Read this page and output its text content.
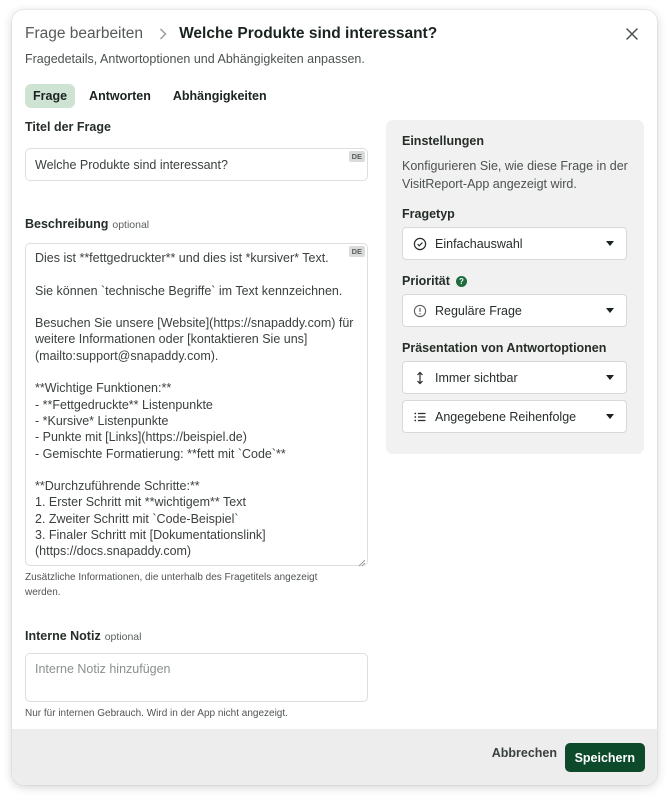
Frage bearbeiten Welche Produkte sind interessant?
Fragedetails, Antwortoptionen und Abhängigkeiten anpassen.
Frage	Antworten	Abhängigkeiten
Titel der Frage
Welche Produkte sind interessant?
DE
Beschreibung optional
Dies ist **fettgedruckter** und dies ist *kursiver* Text.

Sie können `technische Begriffe` im Text kennzeichnen.

Besuchen Sie unsere [Website](https://snapaddy.com) für weitere Informationen oder [kontaktieren Sie uns](mailto:support@snapaddy.com).

**Wichtige Funktionen:**
- **Fettgedruckte** Listenpunkte
- *Kursive* Listenpunkte
- Punkte mit [Links](https://beispiel.de)
- Gemischte Formatierung: **fett mit `Code`**

**Durchzuführende Schritte:**
1. Erster Schritt mit **wichtigem** Text
2. Zweiter Schritt mit `Code-Beispiel`
3. Finaler Schritt mit [Dokumentationslink](https://docs.snapaddy.com)
DE
Zusätzliche Informationen, die unterhalb des Fragetitels angezeigt werden.
Interne Notiz optional
Interne Notiz hinzufügen
Nur für internen Gebrauch. Wird in der App nicht angezeigt.
Einstellungen
Konfigurieren Sie, wie diese Frage in der VisitReport-App angezeigt wird.
Fragetyp
Einfachauswahl
Priorität	?
Reguläre Frage
Präsentation von Antwortoptionen
Immer sichtbar
Angegebene Reihenfolge
Abbrechen	Speichern
